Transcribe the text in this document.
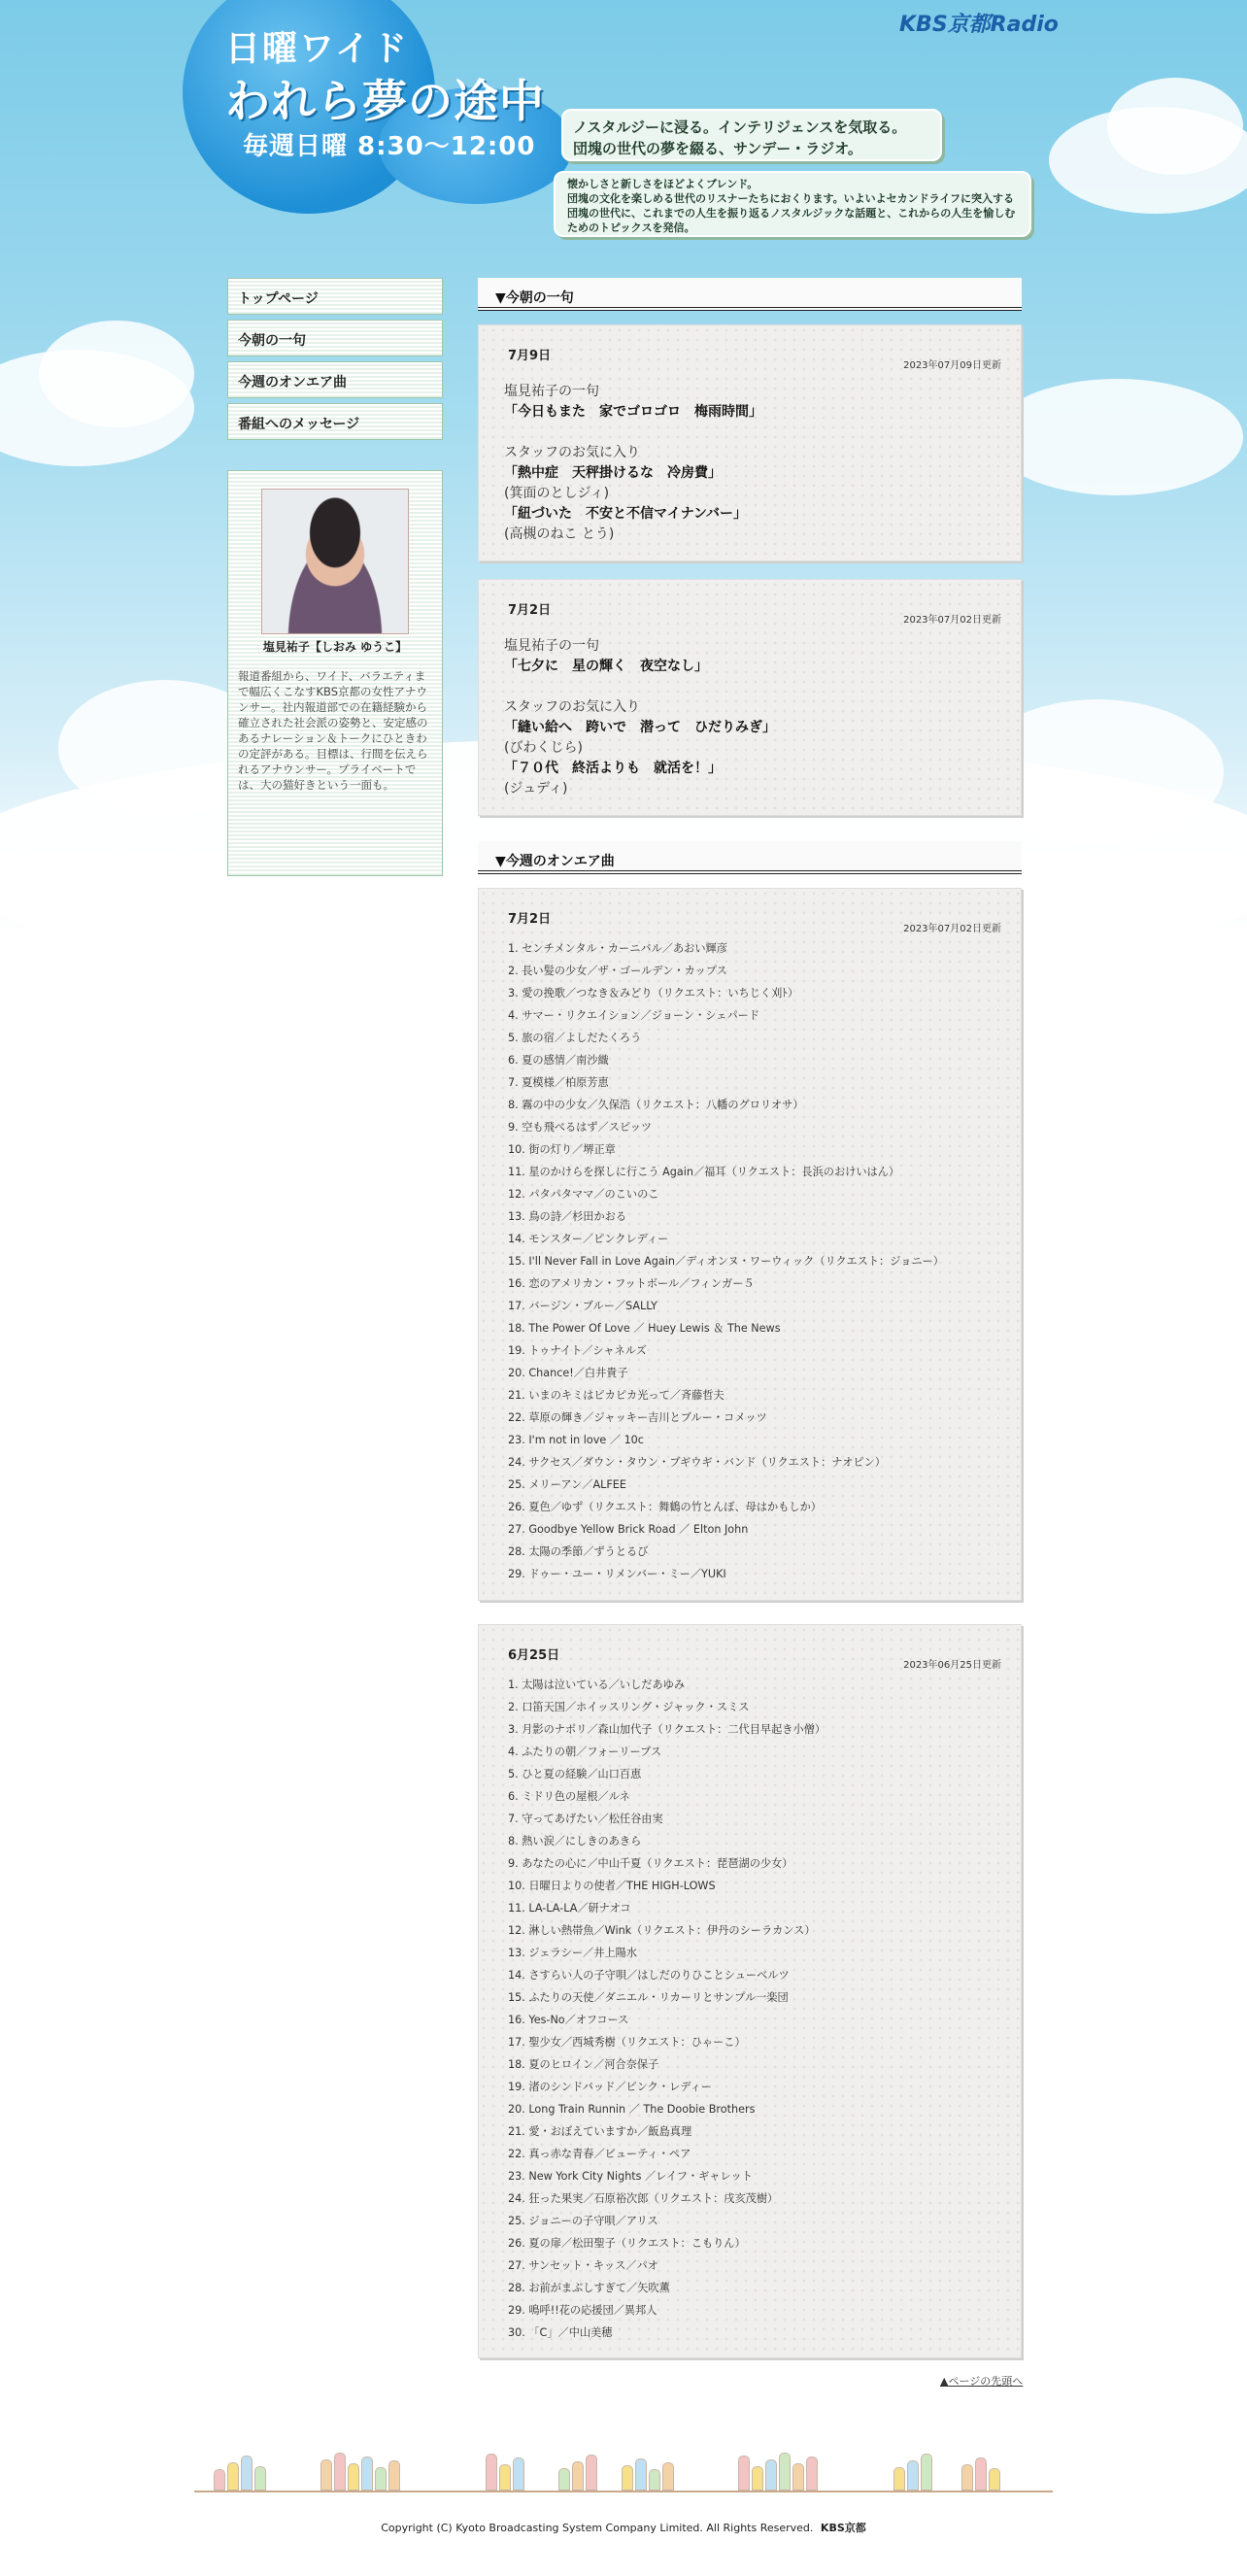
日曜ワイド
われら夢の途中
毎週日曜 8:30〜12:00
KBS京都Radio
ノスタルジーに浸る。インテリジェンスを気取る。
団塊の世代の夢を綴る、サンデー・ラジオ。
懐かしさと新しさをほどよくブレンド。
団塊の文化を楽しめる世代のリスナーたちにおくります。いよいよセカンドライフに突入する団塊の世代に、これまでの人生を振り返るノスタルジックな話題と、これからの人生を愉しむためのトピックスを発信。
トップページ
今朝の一句
今週のオンエア曲
番組へのメッセージ
塩見祐子【しおみ ゆうこ】
報道番組から、ワイド、バラエティまで幅広くこなすKBS京都の女性アナウンサー。社内報道部での在籍経験から確立された社会派の姿勢と、安定感のあるナレーション＆トークにひときわの定評がある。目標は、行間を伝えられるアナウンサー。プライベートでは、大の猫好きという一面も。
▼今朝の一句
7月9日
2023年07月09日更新
塩見祐子の一句
「今日もまた　家でゴロゴロ　梅雨時間」
スタッフのお気に入り
「熱中症　天秤掛けるな　冷房費」
(箕面のとしジィ)
「紐づいた　不安と不信マイナンバー」
(高槻のねこ とう)
7月2日
2023年07月02日更新
塩見祐子の一句
「七夕に　星の輝く　夜空なし」
スタッフのお気に入り
「縫い給へ　跨いで　潜って　ひだりみぎ」
(びわくじら)
「７０代　終活よりも　就活を！」
(ジュディ)
▼今週のオンエア曲
7月2日
2023年07月02日更新
1. センチメンタル・カーニバル／あおい輝彦
2. 長い髪の少女／ザ・ゴールデン・カップス
3. 愛の挽歌／つなき＆みどり（リクエスト：いちじく刈ﾄ）
4. サマー・リクエイション／ジョーン・シェパード
5. 旅の宿／よしだたくろう
6. 夏の感情／南沙織
7. 夏模様／柏原芳恵
8. 霧の中の少女／久保浩（リクエスト：八幡のグロリオサ）
9. 空も飛べるはず／スピッツ
10. 街の灯り／堺正章
11. 星のかけらを探しに行こう Again／福耳（リクエスト：長浜のおけいはん）
12. パタパタママ／のこいのこ
13. 鳥の詩／杉田かおる
14. モンスター／ピンクレディー
15. I'll Never Fall in Love Again／ディオンヌ・ワーウィック（リクエスト：ジョニー）
16. 恋のアメリカン・フットボール／フィンガー５
17. バージン・ブルー／SALLY
18. The Power Of Love ／ Huey Lewis ＆ The News
19. トゥナイト／シャネルズ
20. Chance!／白井貴子
21. いまのキミはピカピカ光って／斉藤哲夫
22. 草原の輝き／ジャッキー吉川とブルー・コメッツ
23. I'm not in love ／ 10c
24. サクセス／ダウン・タウン・ブギウギ・バンド（リクエスト：ナオピン）
25. メリーアン／ALFEE
26. 夏色／ゆず（リクエスト：舞鶴の竹とんぼ、母はかもしか）
27. Goodbye Yellow Brick Road ／ Elton John
28. 太陽の季節／ずうとるび
29. ドゥー・ユー・リメンバー・ミー／YUKI
6月25日
2023年06月25日更新
1. 太陽は泣いている／いしだあゆみ
2. 口笛天国／ホイッスリング・ジャック・スミス
3. 月影のナポリ／森山加代子（リクエスト：二代目早起き小僧）
4. ふたりの朝／フォーリーブス
5. ひと夏の経験／山口百恵
6. ミドリ色の屋根／ルネ
7. 守ってあげたい／松任谷由実
8. 熱い涙／にしきのあきら
9. あなたの心に／中山千夏（リクエスト：琵琶湖の少女）
10. 日曜日よりの使者／THE HIGH-LOWS
11. LA-LA-LA／研ナオコ
12. 淋しい熱帯魚／Wink（リクエスト：伊丹のシーラカンス）
13. ジェラシー／井上陽水
14. さすらい人の子守唄／はしだのりひことシューベルツ
15. ふたりの天使／ダニエル・リカーリとサンプル一楽団
16. Yes-No／オフコース
17. 聖少女／西城秀樹（リクエスト：ひゃーこ）
18. 夏のヒロイン／河合奈保子
19. 渚のシンドバッド／ピンク・レディー
20. Long Train Runnin ／ The Doobie Brothers
21. 愛・おぼえていますか／飯島真理
22. 真っ赤な青春／ビューティ・ペア
23. New York City Nights ／レイフ・ギャレット
24. 狂った果実／石原裕次郎（リクエスト：戌亥茂樹）
25. ジョニーの子守唄／アリス
26. 夏の扉／松田聖子（リクエスト：こもりん）
27. サンセット・キッス／パオ
28. お前がまぶしすぎて／矢吹薫
29. 鳴呼!!花の応援団／異邦人
30. 「C」／中山美穂
▲ページの先頭へ
Copyright (C) Kyoto Broadcasting System Company Limited. All Rights Reserved. KBS京都
